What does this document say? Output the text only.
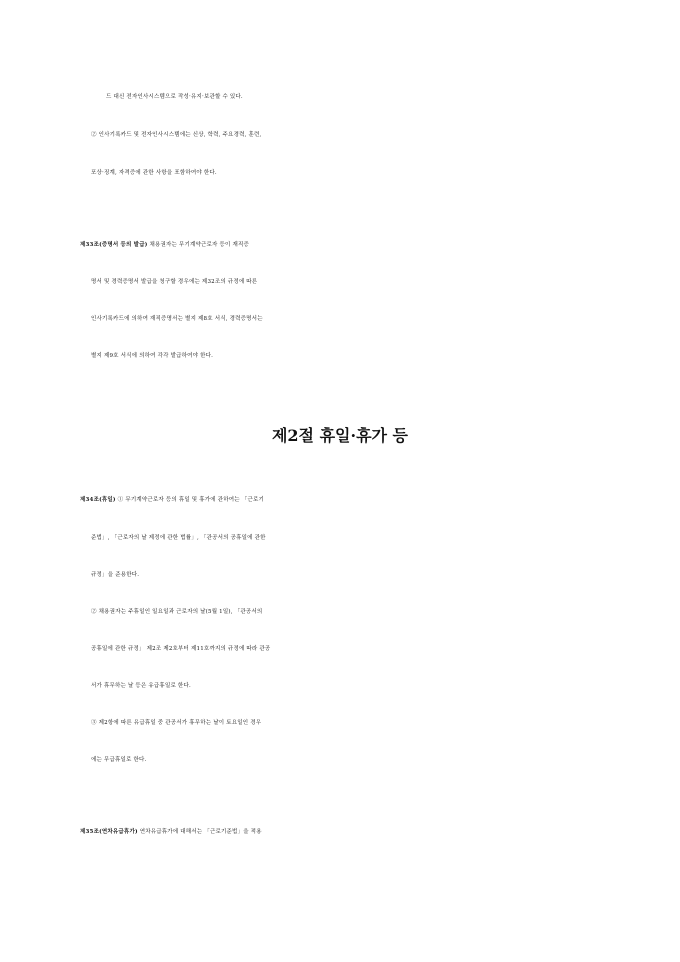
드 대신 전자인사시스템으로 작성·유지·보관할 수 있다.
② 인사기록카드 및 전자인사시스템에는 신상, 학력, 주요경력, 훈련,
포상·징계, 자격증에 관한 사항을 포함하여야 한다.
제33조(증명서 등의 발급) 채용권자는 무기계약근로자 등이 재직증
명서 및 경력증명서 발급을 청구할 경우에는 제32조의 규정에 따른
인사기록카드에 의하여 재직증명서는 별지 제8호 서식, 경력증명서는
별지 제9호 서식에 의하여 각각 발급하여야 한다.
제2절 휴일·휴가 등
제34조(휴일) ① 무기계약근로자 등의 휴일 및 휴가에 관하여는 「근로기
준법」, 「근로자의 날 제정에 관한 법률」, 「관공서의 공휴일에 관한
규정」을 준용한다.
② 채용권자는 주휴일인 일요일과 근로자의 날(5월 1일), 「관공서의
공휴일에 관한 규정」 제2조 제2호부터 제11호까지의 규정에 따라 관공
서가 휴무하는 날 등은 유급휴일로 한다.
③ 제2항에 따른 유급휴일 중 관공서가 휴무하는 날이 토요일인 경우
에는 무급휴일로 한다.
제35조(연차유급휴가) 연차유급휴가에 대해서는 「근로기준법」을 적용
